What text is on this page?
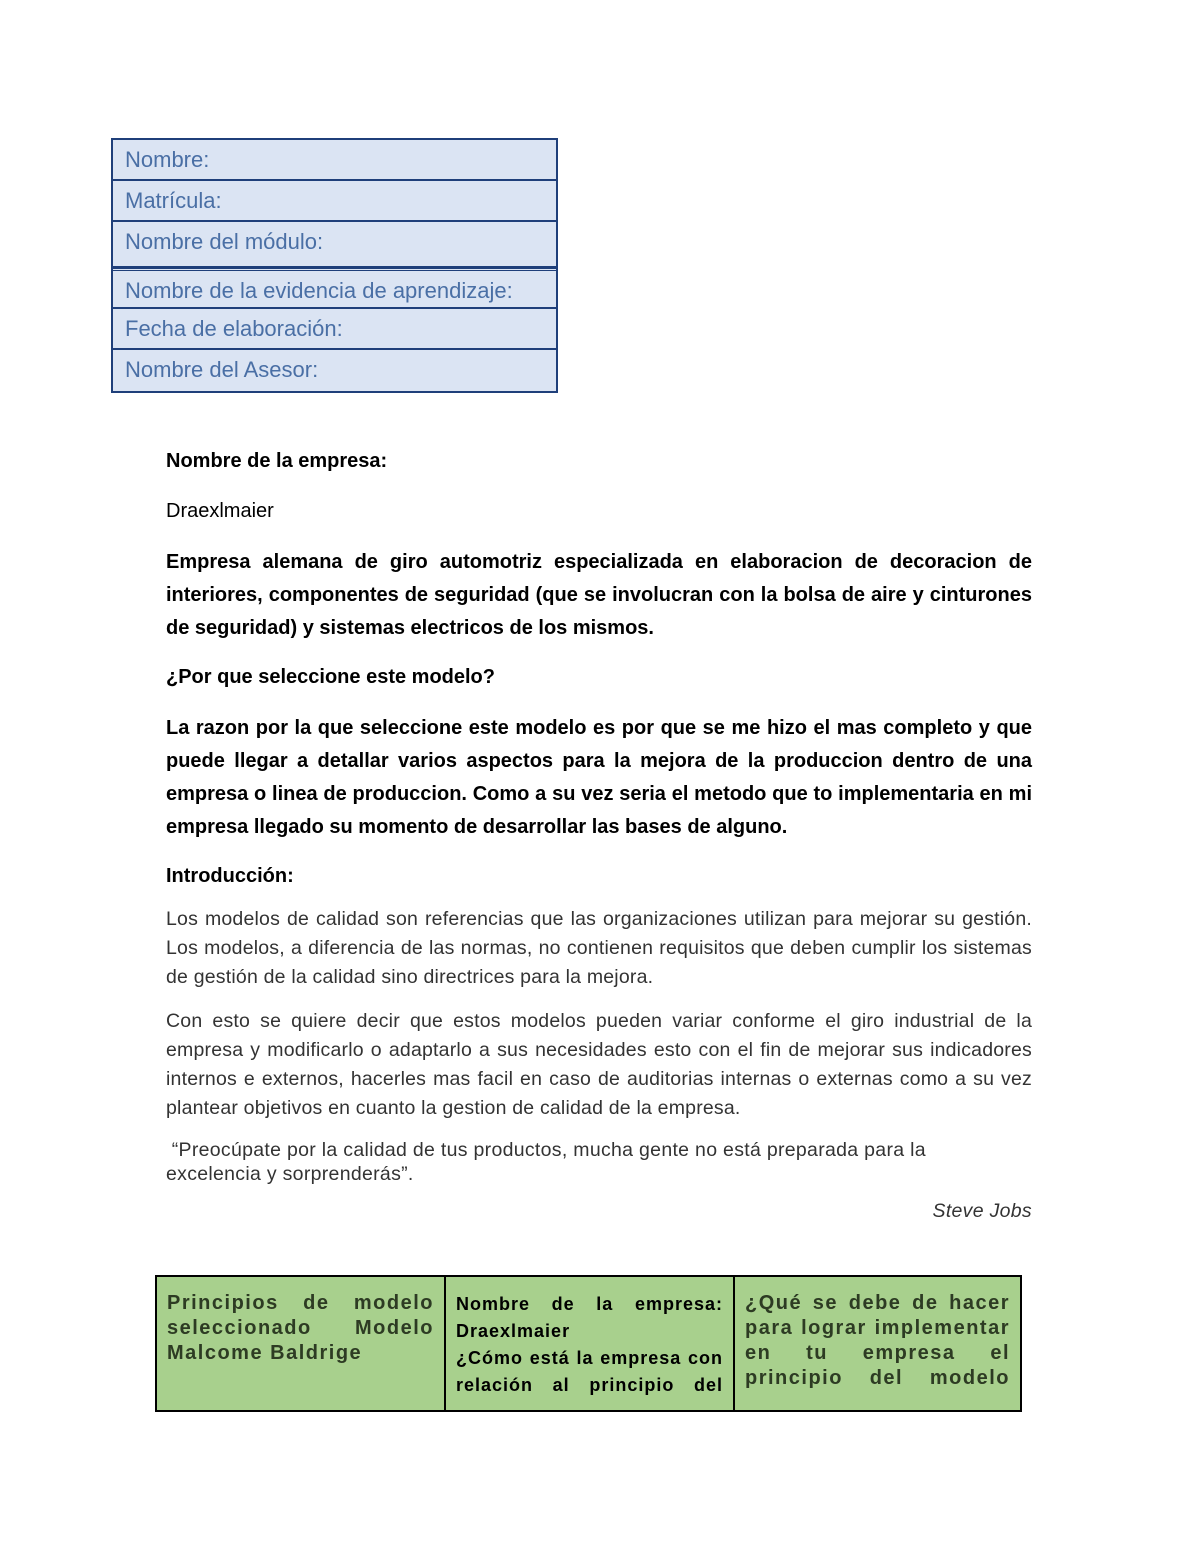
Nombre:
Matrícula:
Nombre del módulo:
Nombre de la evidencia de aprendizaje:
Fecha de elaboración:
Nombre del Asesor:

Nombre de la empresa:

Draexlmaier

Empresa alemana de giro automotriz especializada en elaboracion de decoracion de interiores, componentes de seguridad (que se involucran con la bolsa de aire y cinturones de seguridad) y sistemas electricos de los mismos.

¿Por que seleccione este modelo?

La razon por la que seleccione este modelo es por que se me hizo el mas completo y que puede llegar a detallar varios aspectos para la mejora de la produccion dentro de una empresa o linea de produccion. Como a su vez seria el metodo que to implementaria en mi empresa llegado su momento de desarrollar las bases de alguno.

Introducción:

Los modelos de calidad son referencias que las organizaciones utilizan para mejorar su gestión. Los modelos, a diferencia de las normas, no contienen requisitos que deben cumplir los sistemas de gestión de la calidad sino directrices para la mejora.

Con esto se quiere decir que estos modelos pueden variar conforme el giro industrial de la empresa y modificarlo o adaptarlo a sus necesidades esto con el fin de mejorar sus indicadores internos e externos, hacerles mas facil en caso de auditorias internas o externas como a su vez plantear objetivos en cuanto la gestion de calidad de la empresa.

“Preocúpate por la calidad de tus productos, mucha gente no está preparada para la
excelencia y sorprenderás”.

Steve Jobs

Principios de modelo
seleccionado Modelo
Malcome Baldrige
Nombre de la empresa:
Draexlmaier
¿Cómo está la empresa con
relación al principio del
¿Qué se debe de hacer
para lograr implementar
en tu empresa el
principio del modelo
